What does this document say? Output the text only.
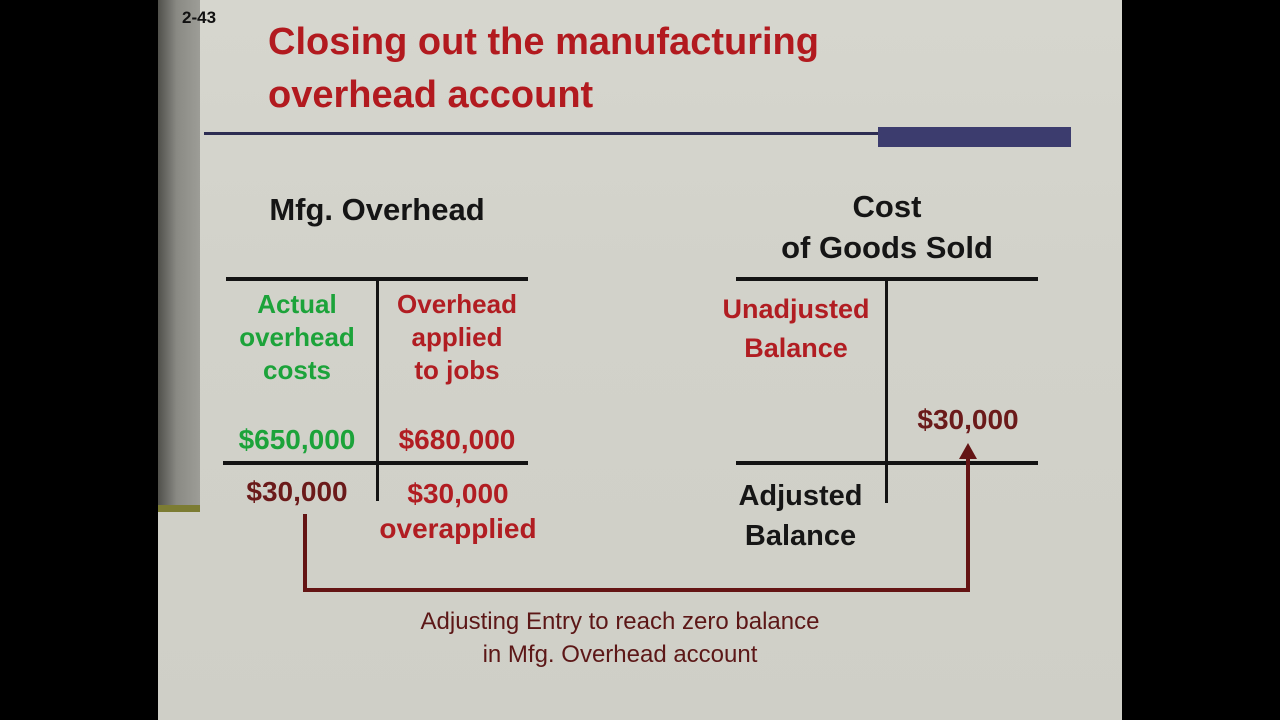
2-43
Closing out the manufacturing
overhead account
Mfg. Overhead
Actual
overhead
costs
Overhead
applied
to jobs
$650,000	$680,000
$30,000	$30,000
overapplied
Cost
of Goods Sold
Unadjusted
Balance
$30,000
Adjusted
Balance
Adjusting Entry to reach zero balance
in Mfg. Overhead account
